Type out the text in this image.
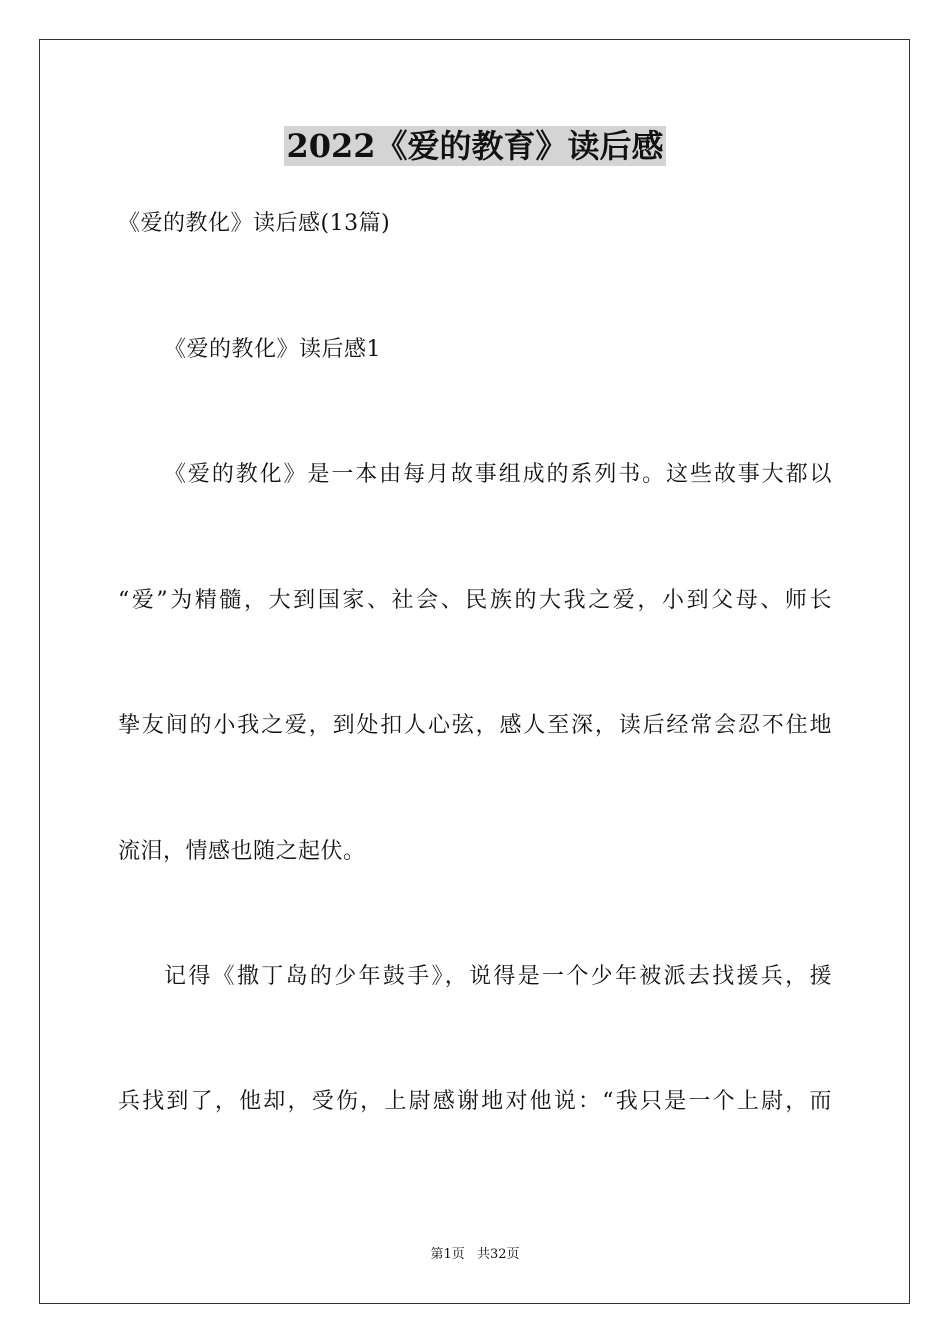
2022《爱的教育》读后感
《爱的教化》读后感(13篇)
《爱的教化》读后感1
《爱的教化》是一本由每月故事组成的系列书。这些故事大都以
“爱”为精髓，大到国家、社会、民族的大我之爱，小到父母、师长
挚友间的小我之爱，到处扣人心弦，感人至深，读后经常会忍不住地
流泪，情感也随之起伏。
记得《撒丁岛的少年鼓手》，说得是一个少年被派去找援兵，援
兵找到了，他却，受伤，上尉感谢地对他说：“我只是一个上尉，而
第1页 共32页
